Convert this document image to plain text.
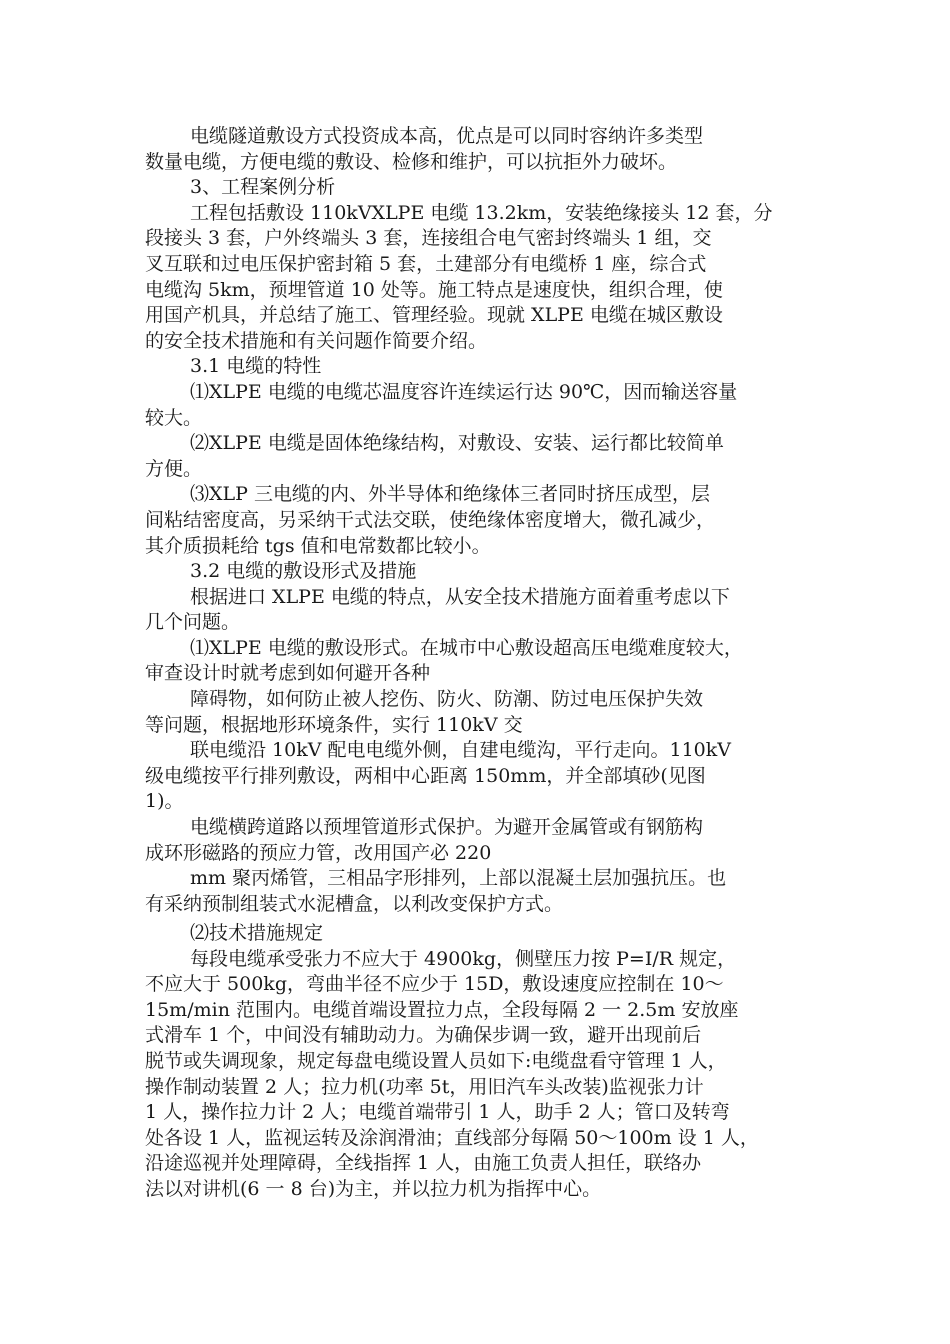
电缆隧道敷设方式投资成本高，优点是可以同时容纳许多类型
数量电缆，方便电缆的敷设、检修和维护，可以抗拒外力破坏。
3、工程案例分析
工程包括敷设 110kVXLPE 电缆 13.2km，安装绝缘接头 12 套，分
段接头 3 套，户外终端头 3 套，连接组合电气密封终端头 1 组，交
叉互联和过电压保护密封箱 5 套，土建部分有电缆桥 1 座，综合式
电缆沟 5km，预埋管道 10 处等。施工特点是速度快，组织合理，使
用国产机具，并总结了施工、管理经验。现就 XLPE 电缆在城区敷设
的安全技术措施和有关问题作简要介绍。
3.1 电缆的特性
⑴XLPE 电缆的电缆芯温度容许连续运行达 90℃，因而输送容量
较大。
⑵XLPE 电缆是固体绝缘结构，对敷设、安装、运行都比较简单
方便。
⑶XLP 三电缆的内、外半导体和绝缘体三者同时挤压成型，层
间粘结密度高，另采纳干式法交联，使绝缘体密度增大，微孔减少，
其介质损耗给 tgs 值和电常数都比较小。
3.2 电缆的敷设形式及措施
根据进口 XLPE 电缆的特点，从安全技术措施方面着重考虑以下
几个问题。
⑴XLPE 电缆的敷设形式。在城市中心敷设超高压电缆难度较大，
审查设计时就考虑到如何避开各种
障碍物，如何防止被人挖伤、防火、防潮、防过电压保护失效
等问题，根据地形环境条件，实行 110kV 交
联电缆沿 10kV 配电电缆外侧，自建电缆沟，平行走向。110kV
级电缆按平行排列敷设，两相中心距离 150mm，并全部填砂(见图
1)。
电缆横跨道路以预埋管道形式保护。为避开金属管或有钢筋构
成环形磁路的预应力管，改用国产必 220
mm 聚丙烯管，三相品字形排列，上部以混凝土层加强抗压。也
有采纳预制组装式水泥槽盒，以利改变保护方式。
⑵技术措施规定
每段电缆承受张力不应大于 4900kg，侧壁压力按 P=I/R 规定，
不应大于 500kg，弯曲半径不应少于 15D，敷设速度应控制在 10～
15m/min 范围内。电缆首端设置拉力点，全段每隔 2 一 2.5m 安放座
式滑车 1 个，中间没有辅助动力。为确保步调一致，避开出现前后
脱节或失调现象，规定每盘电缆设置人员如下:电缆盘看守管理 1 人，
操作制动装置 2 人；拉力机(功率 5t，用旧汽车头改装)监视张力计
1 人，操作拉力计 2 人；电缆首端带引 1 人，助手 2 人；管口及转弯
处各设 1 人，监视运转及涂润滑油；直线部分每隔 50～100m 设 1 人，
沿途巡视并处理障碍，全线指挥 1 人，由施工负责人担任，联络办
法以对讲机(6 一 8 台)为主，并以拉力机为指挥中心。
